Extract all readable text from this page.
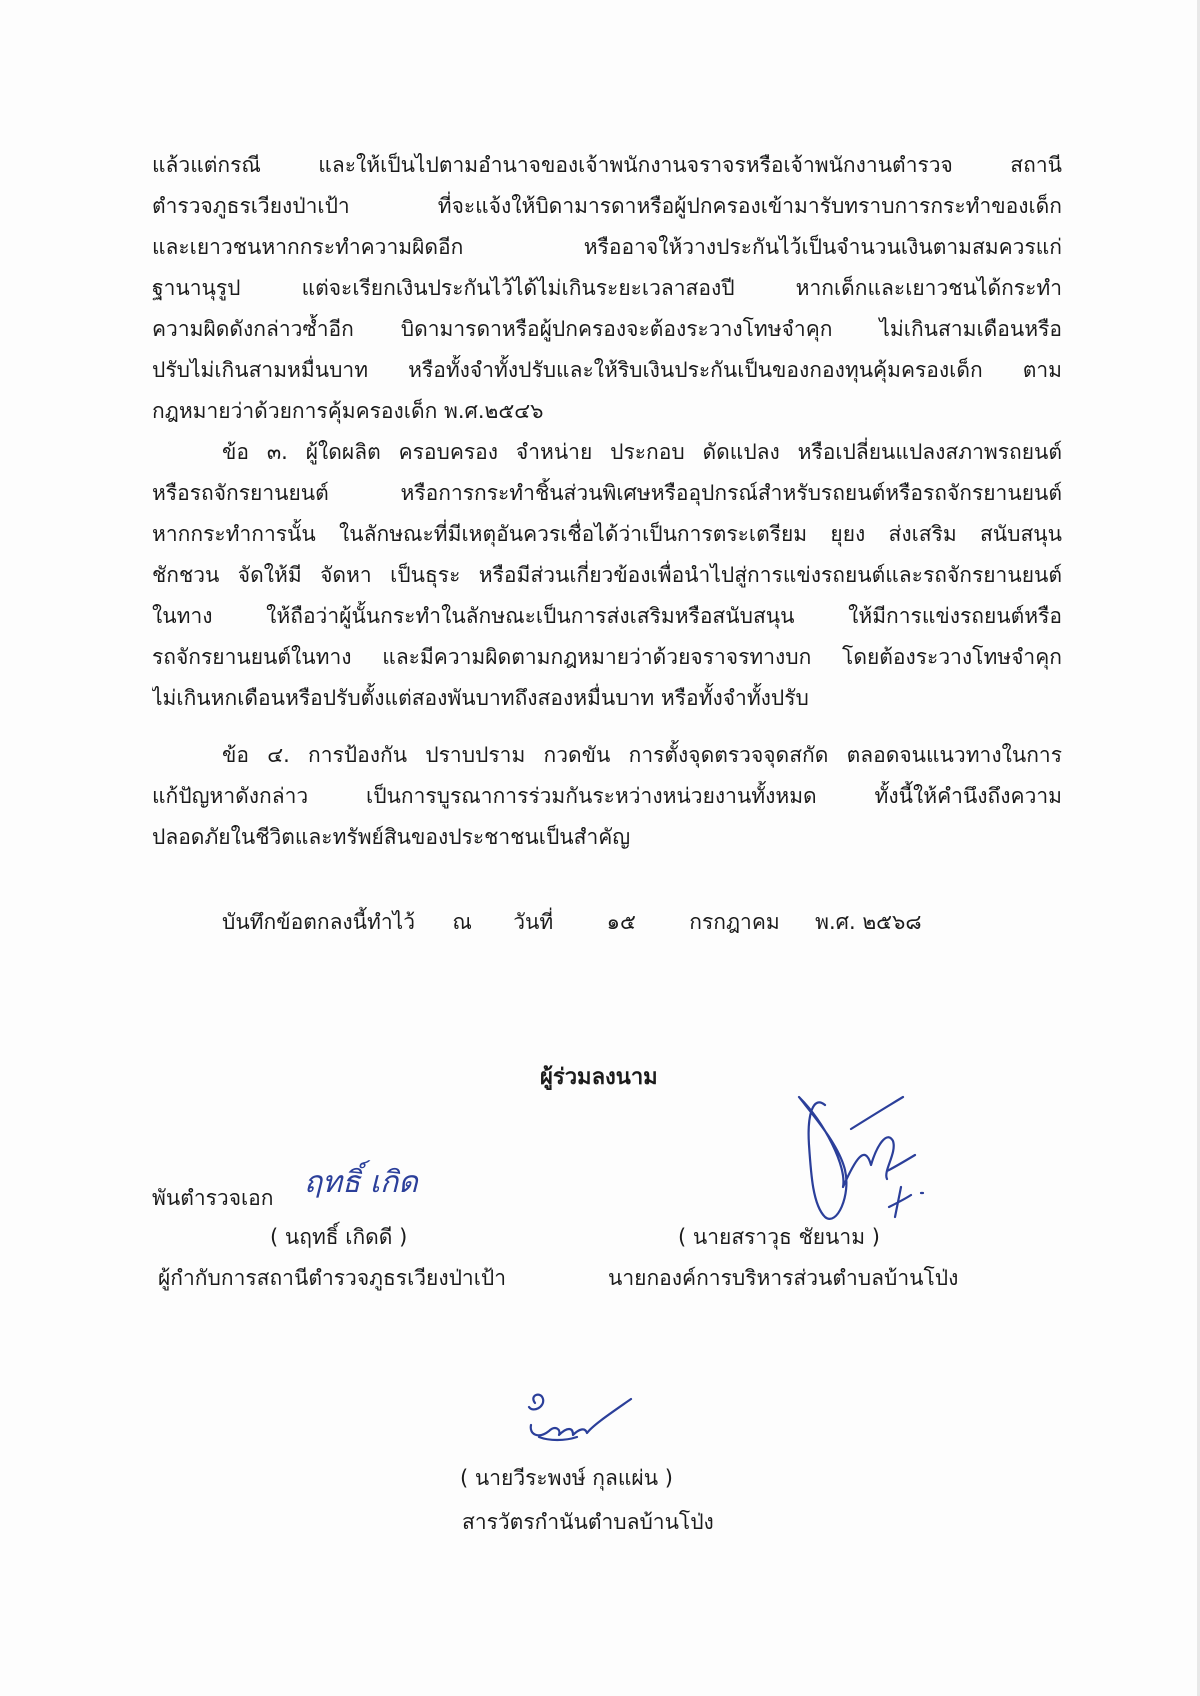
แล้วแต่กรณี และให้เป็นไปตามอำนาจของเจ้าพนักงานจราจรหรือเจ้าพนักงานตำรวจ สถานี
ตำรวจภูธรเวียงป่าเป้า ที่จะแจ้งให้บิดามารดาหรือผู้ปกครองเข้ามารับทราบการกระทำของเด็ก
และเยาวชนหากกระทำความผิดอีก หรืออาจให้วางประกันไว้เป็นจำนวนเงินตามสมควรแก่
ฐานานุรูป แต่จะเรียกเงินประกันไว้ได้ไม่เกินระยะเวลาสองปี หากเด็กและเยาวชนได้กระทำ
ความผิดดังกล่าวซ้ำอีก บิดามารดาหรือผู้ปกครองจะต้องระวางโทษจำคุก ไม่เกินสามเดือนหรือ
ปรับไม่เกินสามหมื่นบาท หรือทั้งจำทั้งปรับและให้ริบเงินประกันเป็นของกองทุนคุ้มครองเด็ก ตาม
กฎหมายว่าด้วยการคุ้มครองเด็ก พ.ศ.๒๕๔๖
ข้อ ๓. ผู้ใดผลิต ครอบครอง จำหน่าย ประกอบ ดัดแปลง หรือเปลี่ยนแปลงสภาพรถยนต์
หรือรถจักรยานยนต์ หรือการกระทำชิ้นส่วนพิเศษหรืออุปกรณ์สำหรับรถยนต์หรือรถจักรยานยนต์
หากกระทำการนั้น ในลักษณะที่มีเหตุอันควรเชื่อได้ว่าเป็นการตระเตรียม ยุยง ส่งเสริม สนับสนุน
ชักชวน จัดให้มี จัดหา เป็นธุระ หรือมีส่วนเกี่ยวข้องเพื่อนำไปสู่การแข่งรถยนต์และรถจักรยานยนต์
ในทาง ให้ถือว่าผู้นั้นกระทำในลักษณะเป็นการส่งเสริมหรือสนับสนุน ให้มีการแข่งรถยนต์หรือ
รถจักรยานยนต์ในทาง และมีความผิดตามกฎหมายว่าด้วยจราจรทางบก โดยต้องระวางโทษจำคุก
ไม่เกินหกเดือนหรือปรับตั้งแต่สองพันบาทถึงสองหมื่นบาท หรือทั้งจำทั้งปรับ
ข้อ ๔. การป้องกัน ปราบปราม กวดขัน การตั้งจุดตรวจจุดสกัด ตลอดจนแนวทางในการ
แก้ปัญหาดังกล่าว เป็นการบูรณาการร่วมกันระหว่างหน่วยงานทั้งหมด ทั้งนี้ให้คำนึงถึงความ
ปลอดภัยในชีวิตและทรัพย์สินของประชาชนเป็นสำคัญ
บันทึกข้อตกลงนี้ทำไว้ ณ วันที่	๑๕	กรกฎาคม พ.ศ. ๒๕๖๘
ผู้ร่วมลงนาม
พันตำรวจเอก ฤทธิ์ เกิด
( นฤทธิ์ เกิดดี )
ผู้กำกับการสถานีตำรวจภูธรเวียงป่าเป้า
( นายสราวุธ ชัยนาม )
นายกองค์การบริหารส่วนตำบลบ้านโป่ง
( นายวีระพงษ์ กุลแผ่น )
สารวัตรกำนันตำบลบ้านโป่ง
